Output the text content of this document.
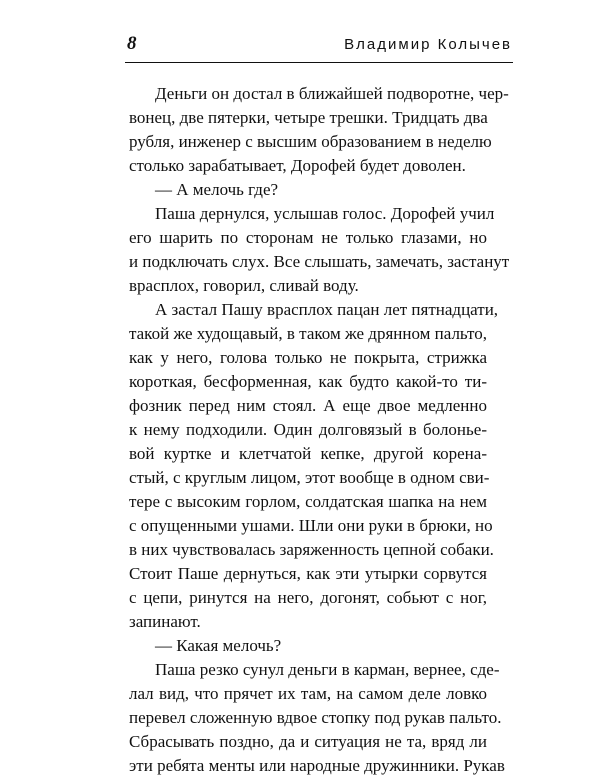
8	Владимир Колычев
Деньги он достал в ближайшей подворотне, чер-
вонец, две пятерки, четыре трешки. Тридцать два
рубля, инженер с высшим образованием в неделю
столько зарабатывает, Дорофей будет доволен.
— А мелочь где?
Паша дернулся, услышав голос. Дорофей учил
его шарить по сторонам не только глазами, но
и подключать слух. Все слышать, замечать, застанут
врасплох, говорил, сливай воду.
А застал Пашу врасплох пацан лет пятнадцати,
такой же худощавый, в таком же дрянном пальто,
как у него, голова только не покрыта, стрижка
короткая, бесформенная, как будто какой-то ти-
фозник перед ним стоял. А еще двое медленно
к нему подходили. Один долговязый в болонье-
вой куртке и клетчатой кепке, другой корена-
стый, с круглым лицом, этот вообще в одном сви-
тере с высоким горлом, солдатская шапка на нем
с опущенными ушами. Шли они руки в брюки, но
в них чувствовалась заряженность цепной собаки.
Стоит Паше дернуться, как эти утырки сорвутся
с цепи, ринутся на него, догонят, собьют с ног,
запинают.
— Какая мелочь?
Паша резко сунул деньги в карман, вернее, сде-
лал вид, что прячет их там, на самом деле ловко
перевел сложенную вдвое стопку под рукав пальто.
Сбрасывать поздно, да и ситуация не та, вряд ли
эти ребята менты или народные дружинники. Рукав
